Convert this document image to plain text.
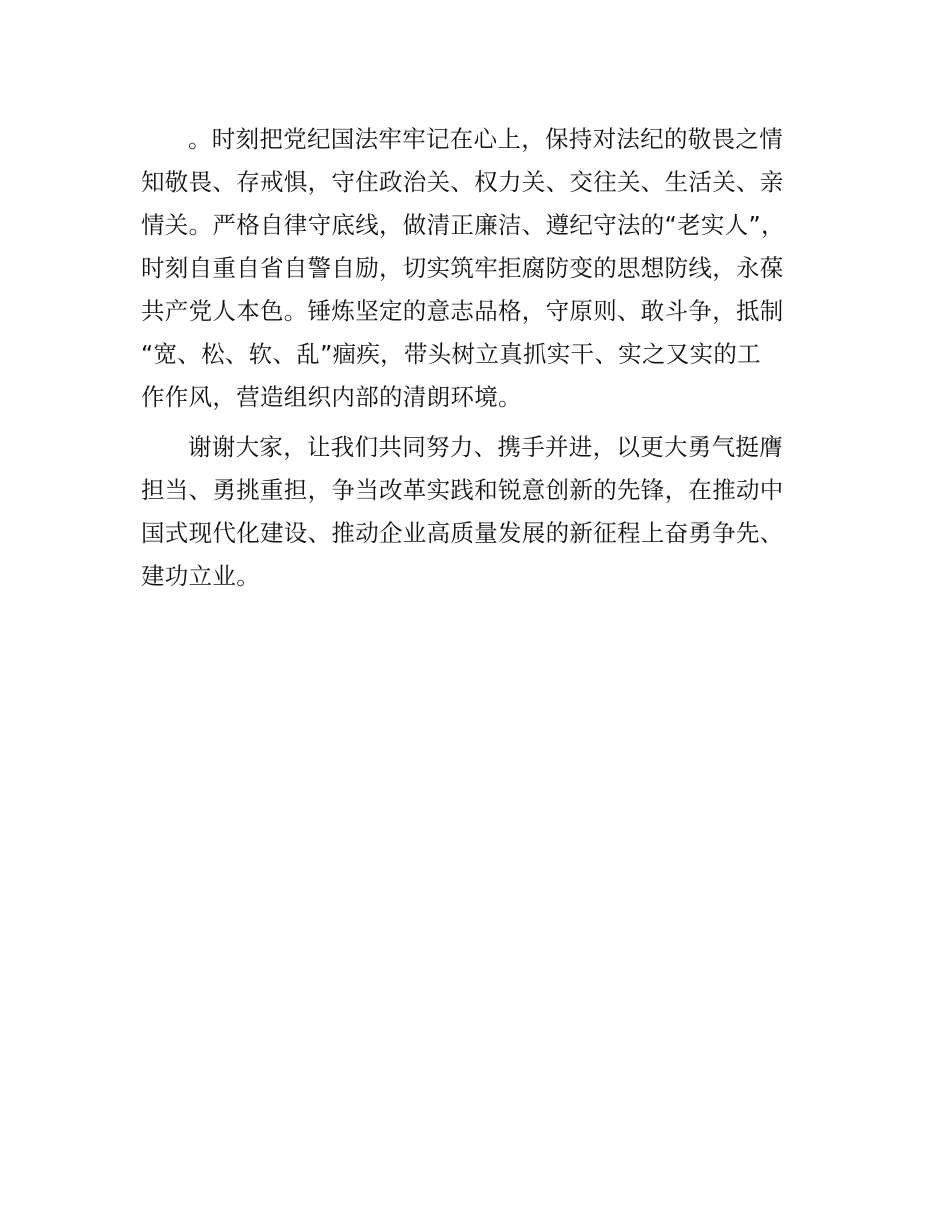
。时刻把党纪国法牢牢记在心上，保持对法纪的敬畏之情
知敬畏、存戒惧，守住政治关、权力关、交往关、生活关、亲
情关。严格自律守底线，做清正廉洁、遵纪守法的“老实人”，
时刻自重自省自警自励，切实筑牢拒腐防变的思想防线，永葆
共产党人本色。锤炼坚定的意志品格，守原则、敢斗争，抵制
“宽、松、软、乱”痼疾，带头树立真抓实干、实之又实的工
作作风，营造组织内部的清朗环境。
谢谢大家，让我们共同努力、携手并进，以更大勇气挺膺
担当、勇挑重担，争当改革实践和锐意创新的先锋，在推动中
国式现代化建设、推动企业高质量发展的新征程上奋勇争先、
建功立业。
